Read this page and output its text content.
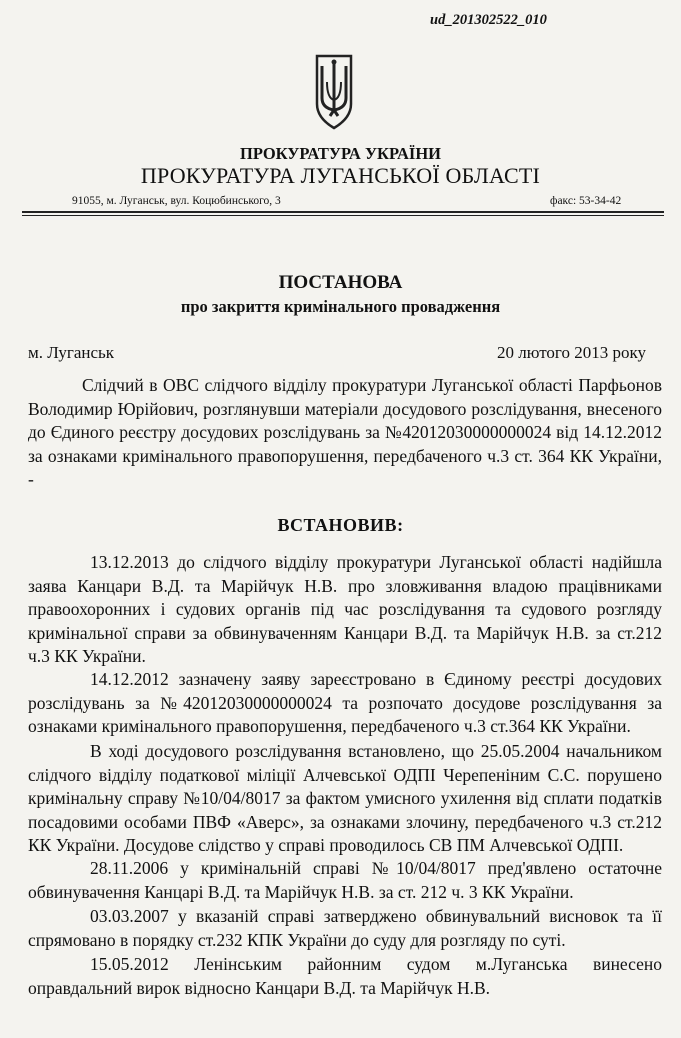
ud_201302522_010
ПРОКУРАТУРА УКРАЇНИ
ПРОКУРАТУРА ЛУГАНСЬКОЇ ОБЛАСТІ
91055, м. Луганськ, вул. Коцюбинського, 3	факс: 53-34-42
ПОСТАНОВА
про закриття кримінального провадження
м. Луганськ	20 лютого 2013 року
Слідчий в ОВС слідчого відділу прокуратури Луганської області Парфьонов Володимир Юрійович, розглянувши матеріали досудового розслідування, внесеного до Єдиного реєстру досудових розслідувань за №42012030000000024 від 14.12.2012 за ознаками кримінального правопорушення, передбаченого ч.3 ст. 364 КК України, -
ВСТАНОВИВ:
13.12.2013 до слідчого відділу прокуратури Луганської області надійшла заява Канцари В.Д. та Марійчук Н.В. про зловживання владою працівниками правоохоронних і судових органів під час розслідування та судового розгляду кримінальної справи за обвинуваченням Канцари В.Д. та Марійчук Н.В. за ст.212 ч.3 КК України.
14.12.2012 зазначену заяву зареєстровано в Єдиному реєстрі досудових розслідувань за №42012030000000024 та розпочато досудове розслідування за ознаками кримінального правопорушення, передбаченого ч.3 ст.364 КК України.
В ході досудового розслідування встановлено, що 25.05.2004 начальником слідчого відділу податкової міліції Алчевської ОДПІ Черепеніним С.С. порушено кримінальну справу №10/04/8017 за фактом умисного ухилення від сплати податків посадовими особами ПВФ «Аверс», за ознаками злочину, передбаченого ч.3 ст.212 КК України. Досудове слідство у справі проводилось СВ ПМ Алчевської ОДПІ.
28.11.2006 у кримінальній справі №10/04/8017 пред'явлено остаточне обвинувачення Канцарі В.Д. та Марійчук Н.В. за ст. 212 ч. 3 КК України.
03.03.2007 у вказаній справі затверджено обвинувальний висновок та її спрямовано в порядку ст.232 КПК України до суду для розгляду по суті.
15.05.2012 Ленінським районним судом м.Луганська винесено оправдальний вирок відносно Канцари В.Д. та Марійчук Н.В.
